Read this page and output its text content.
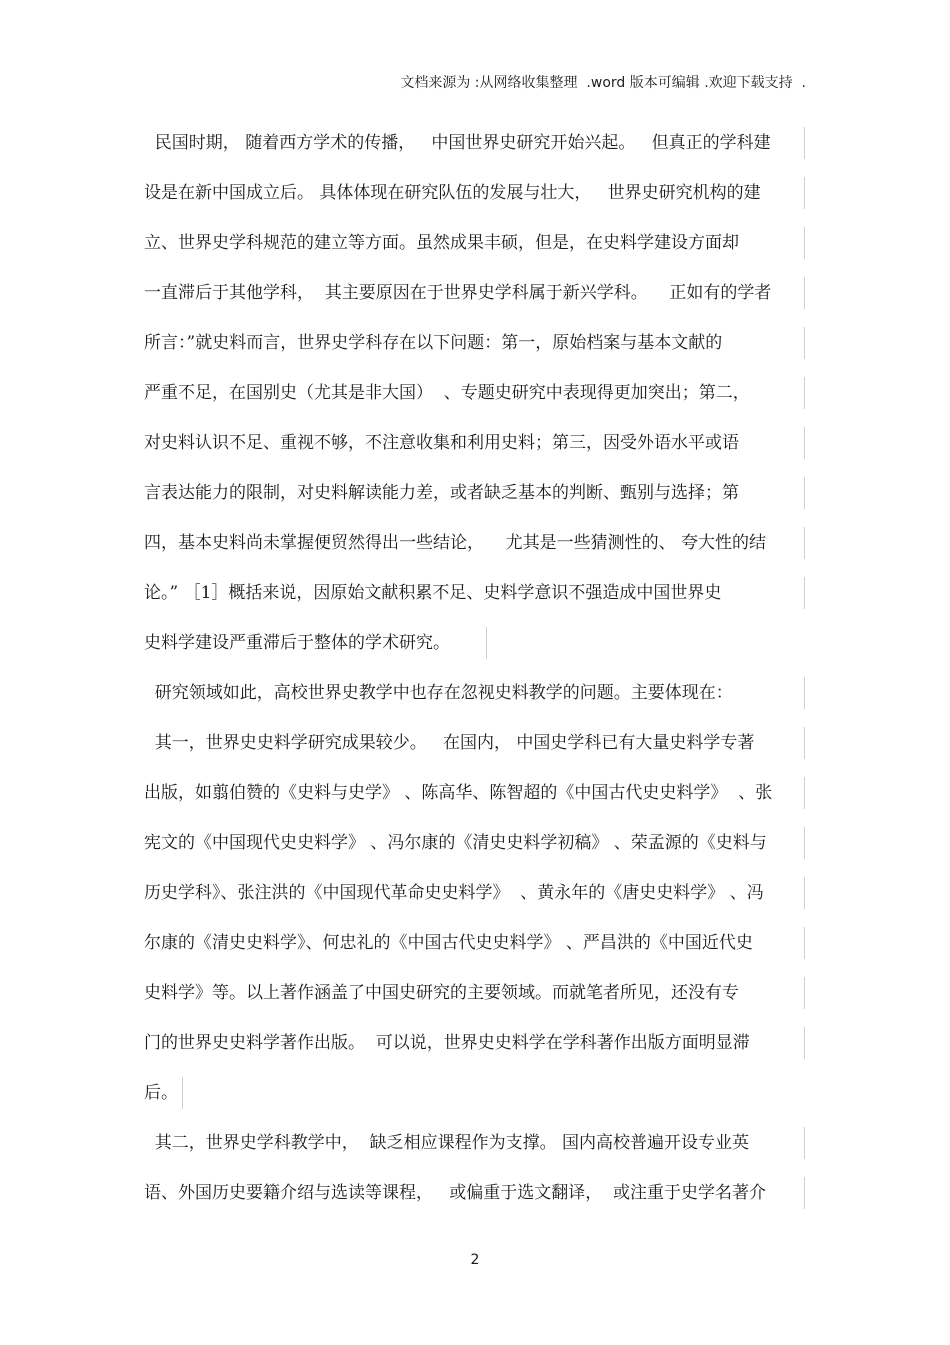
文档来源为 :从网络收集整理  .word 版本可编辑 .欢迎下载支持  .
民国时期， 随着西方学术的传播，   中国世界史研究开始兴起。   但真正的学科建
设是在新中国成立后。 具体体现在研究队伍的发展与壮大，   世界史研究机构的建
立、世界史学科规范的建立等方面。虽然成果丰硕，但是，在史料学建设方面却
一直滞后于其他学科，  其主要原因在于世界史学科属于新兴学科。    正如有的学者
所言：”就史料而言，世界史学科存在以下问题：第一，原始档案与基本文献的
严重不足，在国别史（尤其是非大国）  、专题史研究中表现得更加突出；第二，
对史料认识不足、重视不够，不注意收集和利用史料；第三，因受外语水平或语
言表达能力的限制，对史料解读能力差，或者缺乏基本的判断、甄别与选择；第
四，基本史料尚未掌握便贸然得出一些结论，    尤其是一些猜测性的、 夸大性的结
论。” ［1］概括来说，因原始文献积累不足、史料学意识不强造成中国世界史
史料学建设严重滞后于整体的学术研究。
研究领域如此，高校世界史教学中也存在忽视史料教学的问题。主要体现在：
其一，世界史史料学研究成果较少。   在国内， 中国史学科已有大量史料学专著
出版，如翦伯赞的《史料与史学》 、陈高华、陈智超的《中国古代史史料学》  、张
宪文的《中国现代史史料学》 、冯尔康的《清史史料学初稿》 、荣孟源的《史料与
历史学科》、张注洪的《中国现代革命史史料学》  、黄永年的《唐史史料学》 、冯
尔康的《清史史料学》、何忠礼的《中国古代史史料学》 、严昌洪的《中国近代史
史料学》等。以上著作涵盖了中国史研究的主要领域。而就笔者所见，还没有专
门的世界史史料学著作出版。  可以说，世界史史料学在学科著作出版方面明显滞
后。
其二，世界史学科教学中，  缺乏相应课程作为支撑。 国内高校普遍开设专业英
语、外国历史要籍介绍与选读等课程，   或偏重于选文翻译，  或注重于史学名著介
2
